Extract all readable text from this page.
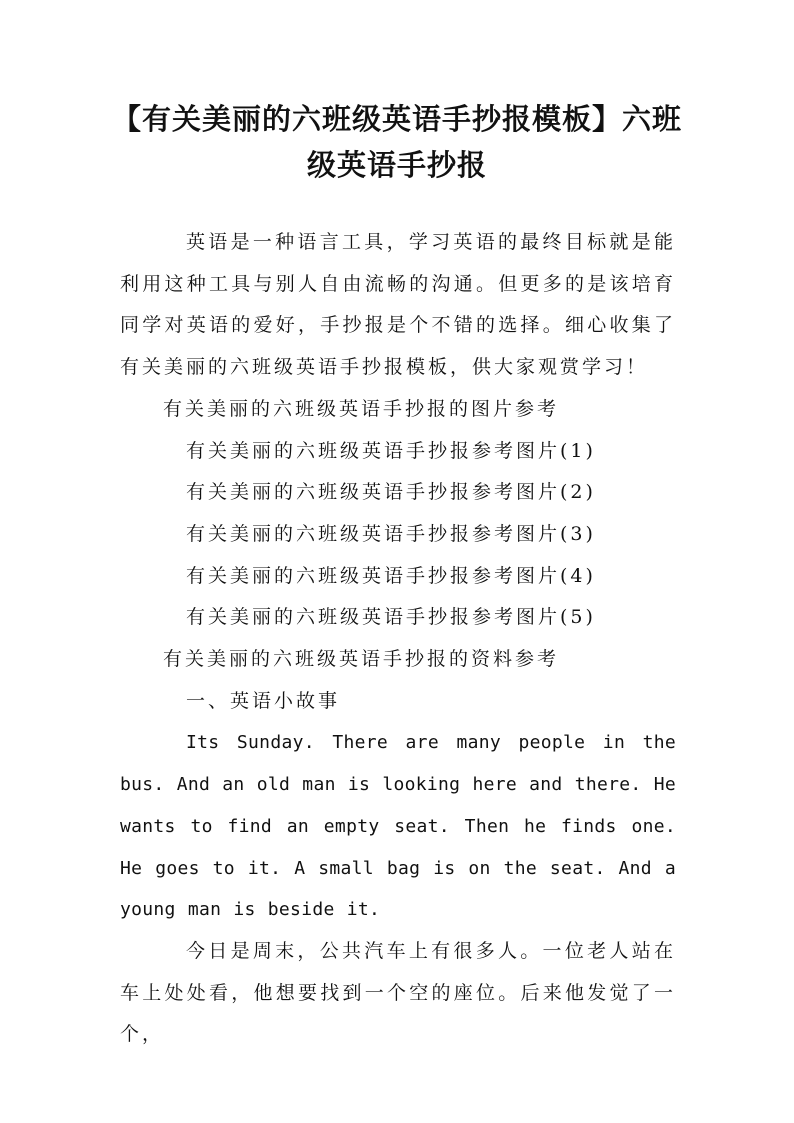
【有关美丽的六班级英语手抄报模板】六班
级英语手抄报

英语是一种语言工具，学习英语的最终目标就是能利用这种工具与别人自由流畅的沟通。但更多的是该培育同学对英语的爱好，手抄报是个不错的选择。细心收集了有关美丽的六班级英语手抄报模板，供大家观赏学习！

有关美丽的六班级英语手抄报的图片参考

有关美丽的六班级英语手抄报参考图片(1)

有关美丽的六班级英语手抄报参考图片(2)

有关美丽的六班级英语手抄报参考图片(3)

有关美丽的六班级英语手抄报参考图片(4)

有关美丽的六班级英语手抄报参考图片(5)

有关美丽的六班级英语手抄报的资料参考

一、英语小故事

Its Sunday. There are many people in the bus. And an old man is looking here and there. He wants to find an empty seat. Then he finds one. He goes to it. A small bag is on the seat. And a young man is beside it.

今日是周末，公共汽车上有很多人。一位老人站在车上处处看，他想要找到一个空的座位。后来他发觉了一个，
